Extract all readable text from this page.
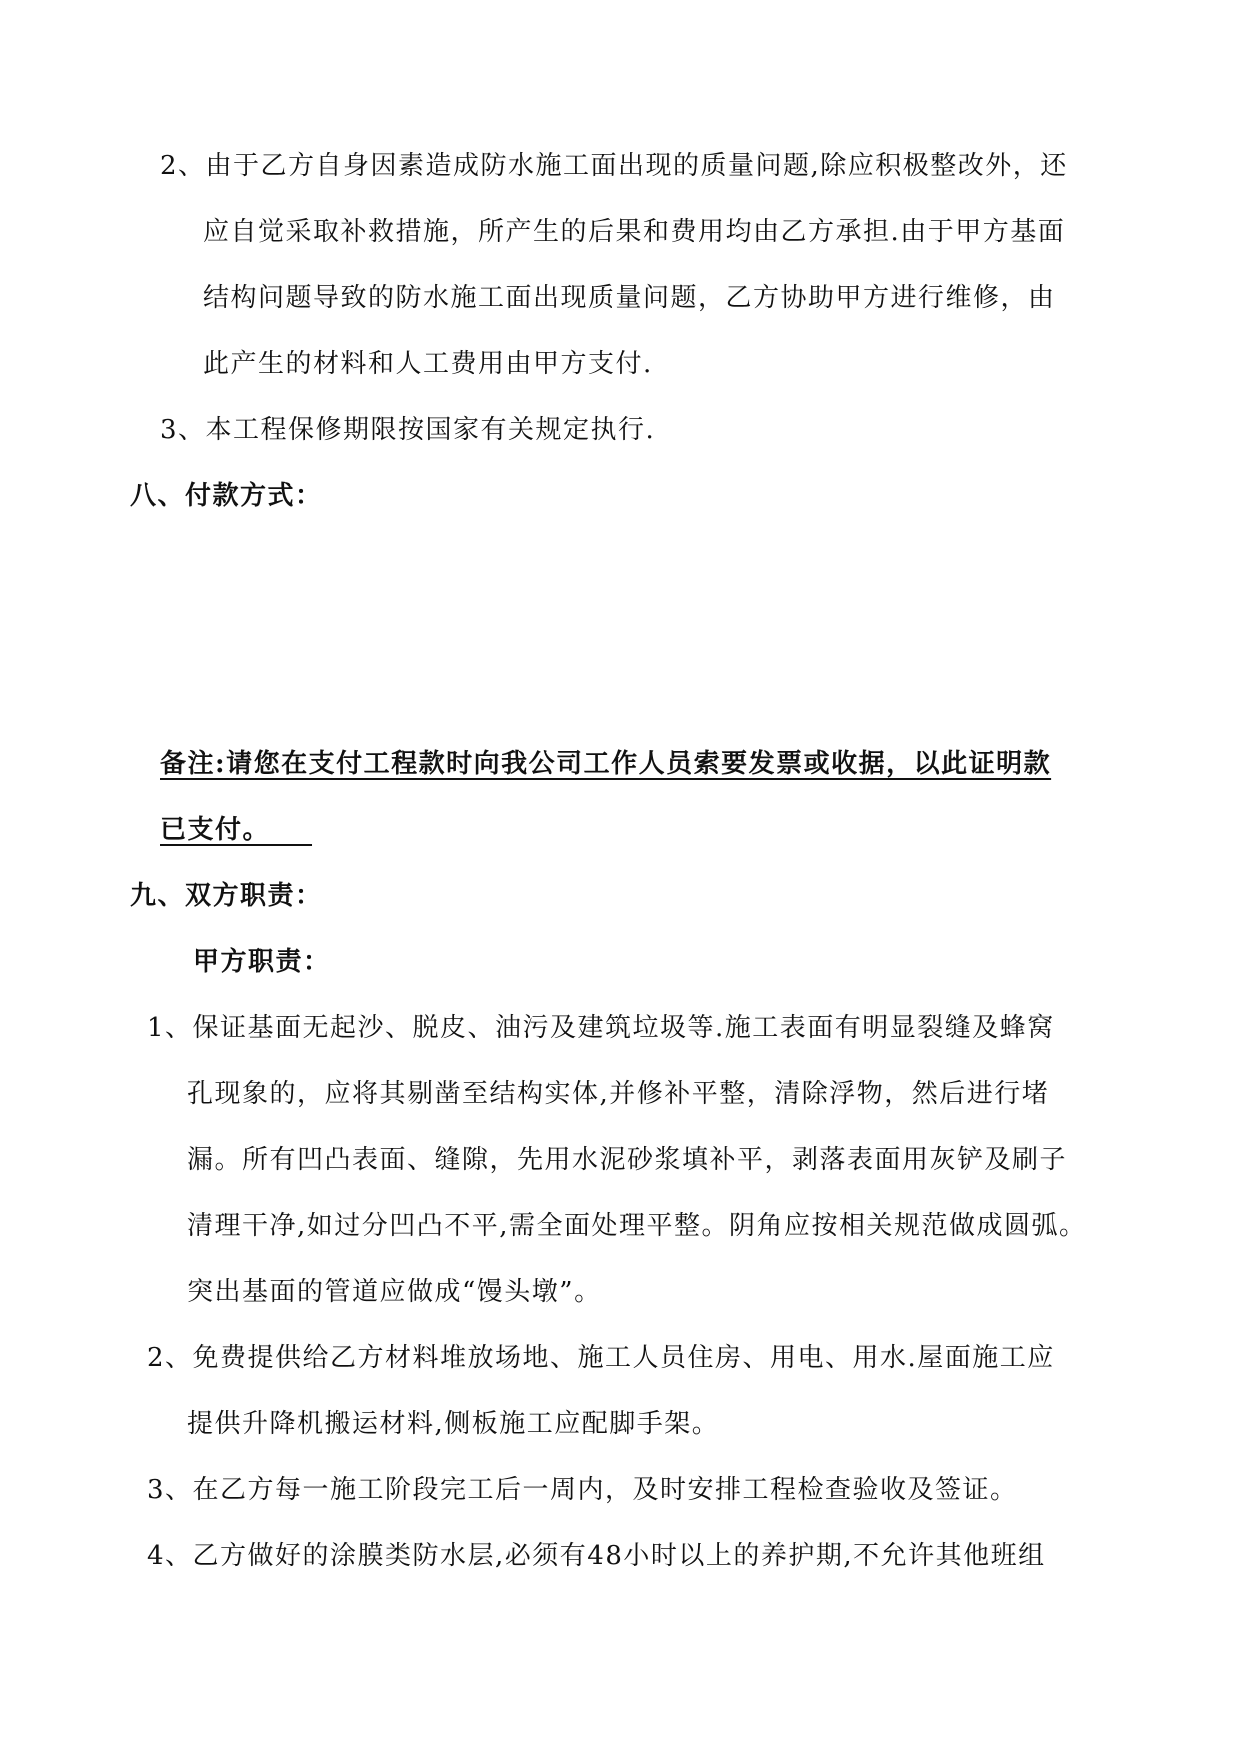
2、由于乙方自身因素造成防水施工面出现的质量问题,除应积极整改外，还
应自觉采取补救措施，所产生的后果和费用均由乙方承担.由于甲方基面
结构问题导致的防水施工面出现质量问题，乙方协助甲方进行维修，由
此产生的材料和人工费用由甲方支付.
3、本工程保修期限按国家有关规定执行.
八、付款方式：
备注:请您在支付工程款时向我公司工作人员索要发票或收据，以此证明款
已支付。　　
九、双方职责：
甲方职责：
1、保证基面无起沙、脱皮、油污及建筑垃圾等.施工表面有明显裂缝及蜂窝
孔现象的，应将其剔凿至结构实体,并修补平整，清除浮物，然后进行堵
漏。所有凹凸表面、缝隙，先用水泥砂浆填补平，剥落表面用灰铲及刷子
清理干净,如过分凹凸不平,需全面处理平整。阴角应按相关规范做成圆弧。
突出基面的管道应做成“馒头墩”。
2、免费提供给乙方材料堆放场地、施工人员住房、用电、用水.屋面施工应
提供升降机搬运材料,侧板施工应配脚手架。
3、在乙方每一施工阶段完工后一周内，及时安排工程检查验收及签证。
4、乙方做好的涂膜类防水层,必须有48小时以上的养护期,不允许其他班组
